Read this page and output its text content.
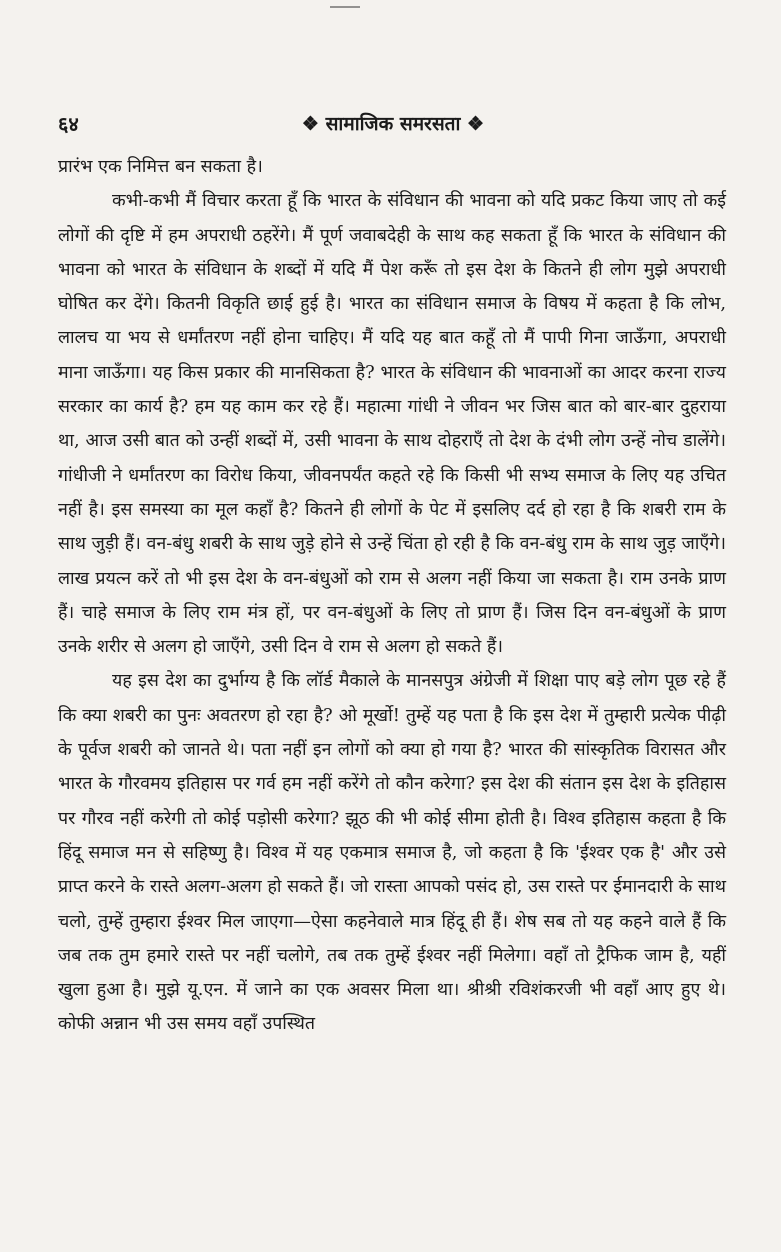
६४	❖ सामाजिक समरसता ❖

प्रारंभ एक निमित्त बन सकता है।

कभी-कभी मैं विचार करता हूँ कि भारत के संविधान की भावना को यदि प्रकट किया जाए तो कई लोगों की दृष्टि में हम अपराधी ठहरेंगे। मैं पूर्ण जवाबदेही के साथ कह सकता हूँ कि भारत के संविधान की भावना को भारत के संविधान के शब्दों में यदि मैं पेश करूँ तो इस देश के कितने ही लोग मुझे अपराधी घोषित कर देंगे। कितनी विकृति छाई हुई है। भारत का संविधान समाज के विषय में कहता है कि लोभ, लालच या भय से धर्मांतरण नहीं होना चाहिए। मैं यदि यह बात कहूँ तो मैं पापी गिना जाऊँगा, अपराधी माना जाऊँगा। यह किस प्रकार की मानसिकता है? भारत के संविधान की भावनाओं का आदर करना राज्य सरकार का कार्य है? हम यह काम कर रहे हैं। महात्मा गांधी ने जीवन भर जिस बात को बार-बार दुहराया था, आज उसी बात को उन्हीं शब्दों में, उसी भावना के साथ दोहराएँ तो देश के दंभी लोग उन्हें नोच डालेंगे। गांधीजी ने धर्मांतरण का विरोध किया, जीवनपर्यंत कहते रहे कि किसी भी सभ्य समाज के लिए यह उचित नहीं है। इस समस्या का मूल कहाँ है? कितने ही लोगों के पेट में इसलिए दर्द हो रहा है कि शबरी राम के साथ जुड़ी हैं। वन-बंधु शबरी के साथ जुड़े होने से उन्हें चिंता हो रही है कि वन-बंधु राम के साथ जुड़ जाएँगे। लाख प्रयत्न करें तो भी इस देश के वन-बंधुओं को राम से अलग नहीं किया जा सकता है। राम उनके प्राण हैं। चाहे समाज के लिए राम मंत्र हों, पर वन-बंधुओं के लिए तो प्राण हैं। जिस दिन वन-बंधुओं के प्राण उनके शरीर से अलग हो जाएँगे, उसी दिन वे राम से अलग हो सकते हैं।

यह इस देश का दुर्भाग्य है कि लॉर्ड मैकाले के मानसपुत्र अंग्रेजी में शिक्षा पाए बड़े लोग पूछ रहे हैं कि क्या शबरी का पुनः अवतरण हो रहा है? ओ मूर्खो! तुम्हें यह पता है कि इस देश में तुम्हारी प्रत्येक पीढ़ी के पूर्वज शबरी को जानते थे। पता नहीं इन लोगों को क्या हो गया है? भारत की सांस्कृतिक विरासत और भारत के गौरवमय इतिहास पर गर्व हम नहीं करेंगे तो कौन करेगा? इस देश की संतान इस देश के इतिहास पर गौरव नहीं करेगी तो कोई पड़ोसी करेगा? झूठ की भी कोई सीमा होती है। विश्व इतिहास कहता है कि हिंदू समाज मन से सहिष्णु है। विश्व में यह एकमात्र समाज है, जो कहता है कि 'ईश्वर एक है' और उसे प्राप्त करने के रास्ते अलग-अलग हो सकते हैं। जो रास्ता आपको पसंद हो, उस रास्ते पर ईमानदारी के साथ चलो, तुम्हें तुम्हारा ईश्वर मिल जाएगा—ऐसा कहनेवाले मात्र हिंदू ही हैं। शेष सब तो यह कहने वाले हैं कि जब तक तुम हमारे रास्ते पर नहीं चलोगे, तब तक तुम्हें ईश्वर नहीं मिलेगा। वहाँ तो ट्रैफिक जाम है, यहीं खुला हुआ है। मुझे यू.एन. में जाने का एक अवसर मिला था। श्रीश्री रविशंकरजी भी वहाँ आए हुए थे। कोफी अन्नान भी उस समय वहाँ उपस्थित
